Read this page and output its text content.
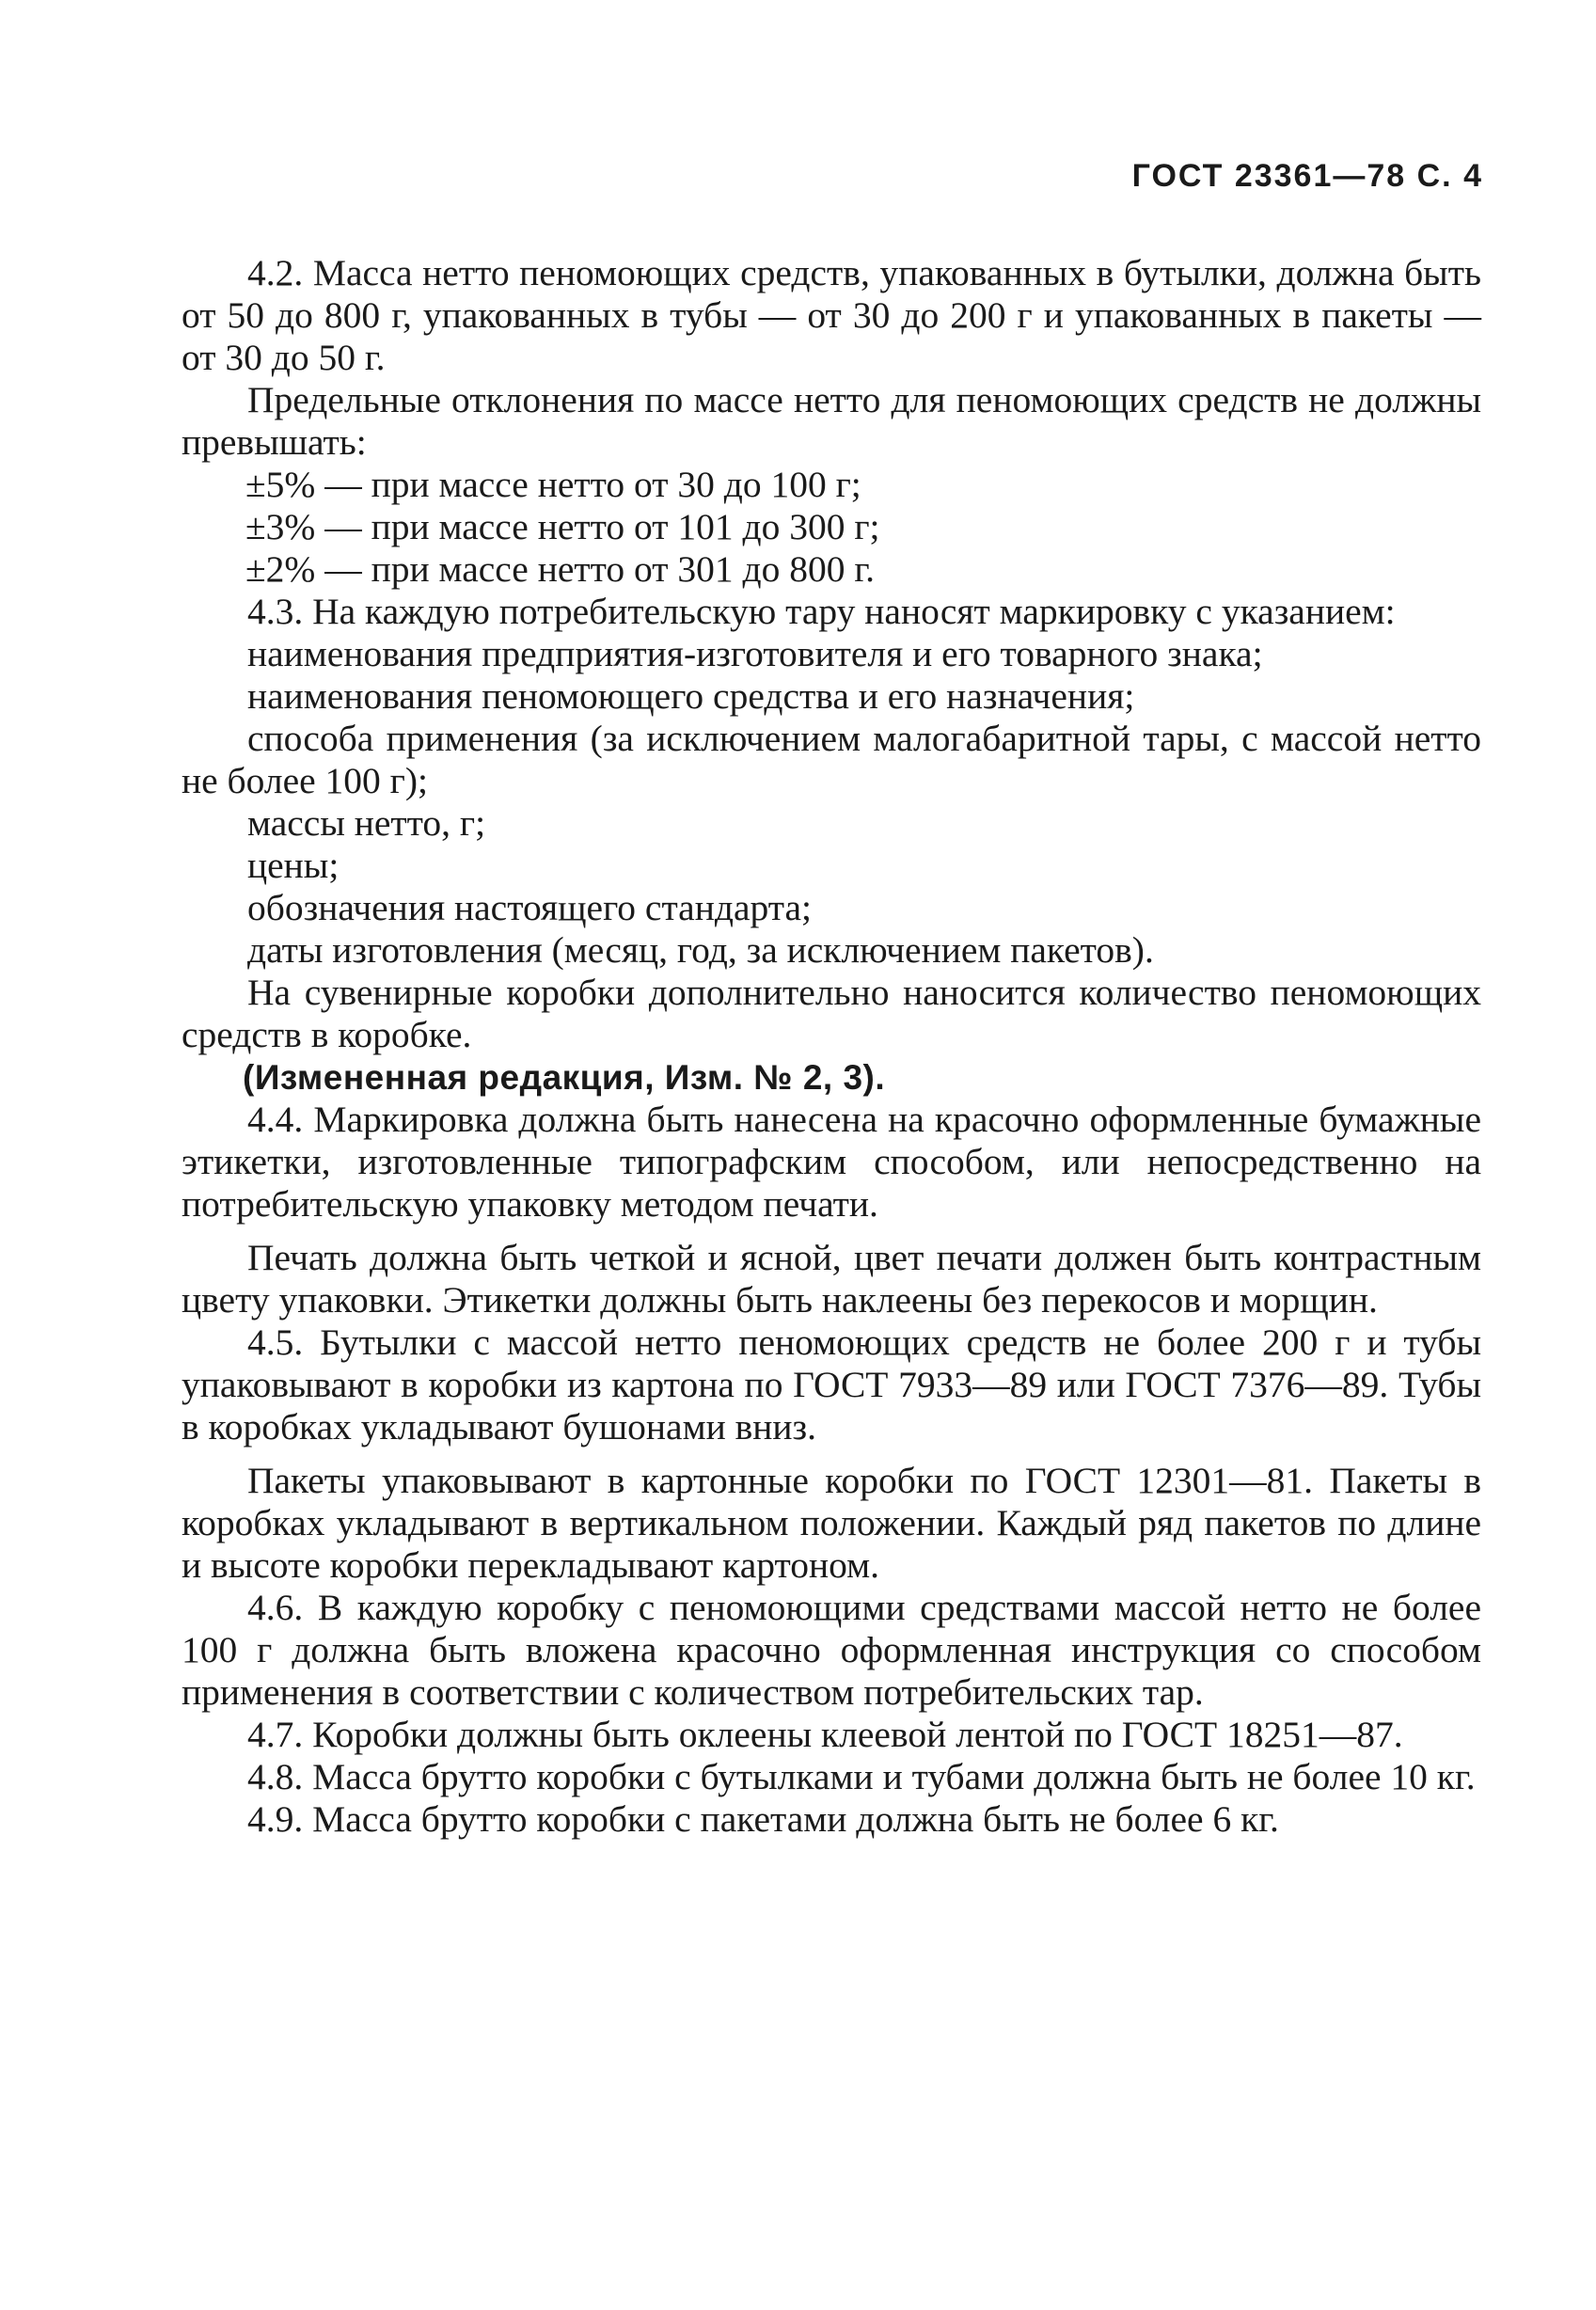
ГОСТ 23361—78 С. 4

4.2. Масса нетто пеномоющих средств, упакованных в бутылки, должна быть от 50 до 800 г, упакованных в тубы — от 30 до 200 г и упакованных в пакеты — от 30 до 50 г.

Предельные отклонения по массе нетто для пеномоющих средств не должны превышать:

±5% — при массе нетто от 30 до 100 г;

±3% — при массе нетто от 101 до 300 г;

±2% — при массе нетто от 301 до 800 г.

4.3. На каждую потребительскую тару наносят маркировку с указанием:

наименования предприятия-изготовителя и его товарного знака;

наименования пеномоющего средства и его назначения;

способа применения (за исключением малогабаритной тары, с массой нетто не более 100 г);

массы нетто, г;

цены;

обозначения настоящего стандарта;

даты изготовления (месяц, год, за исключением пакетов).

На сувенирные коробки дополнительно наносится количество пеномоющих средств в коробке.

(Измененная редакция, Изм. № 2, 3).

4.4. Маркировка должна быть нанесена на красочно оформленные бумажные этикетки, изготовленные типографским способом, или непосредственно на потребительскую упаковку методом печати.

Печать должна быть четкой и ясной, цвет печати должен быть контрастным цвету упаковки. Этикетки должны быть наклеены без перекосов и морщин.

4.5. Бутылки с массой нетто пеномоющих средств не более 200 г и тубы упаковывают в коробки из картона по ГОСТ 7933—89 или ГОСТ 7376—89. Тубы в коробках укладывают бушонами вниз.

Пакеты упаковывают в картонные коробки по ГОСТ 12301—81. Пакеты в коробках укладывают в вертикальном положении. Каждый ряд пакетов по длине и высоте коробки перекладывают картоном.

4.6. В каждую коробку с пеномоющими средствами массой нетто не более 100 г должна быть вложена красочно оформленная инструкция со способом применения в соответствии с количеством потребительских тар.

4.7. Коробки должны быть оклеены клеевой лентой по ГОСТ 18251—87.

4.8. Масса брутто коробки с бутылками и тубами должна быть не более 10 кг.

4.9. Масса брутто коробки с пакетами должна быть не более 6 кг.
